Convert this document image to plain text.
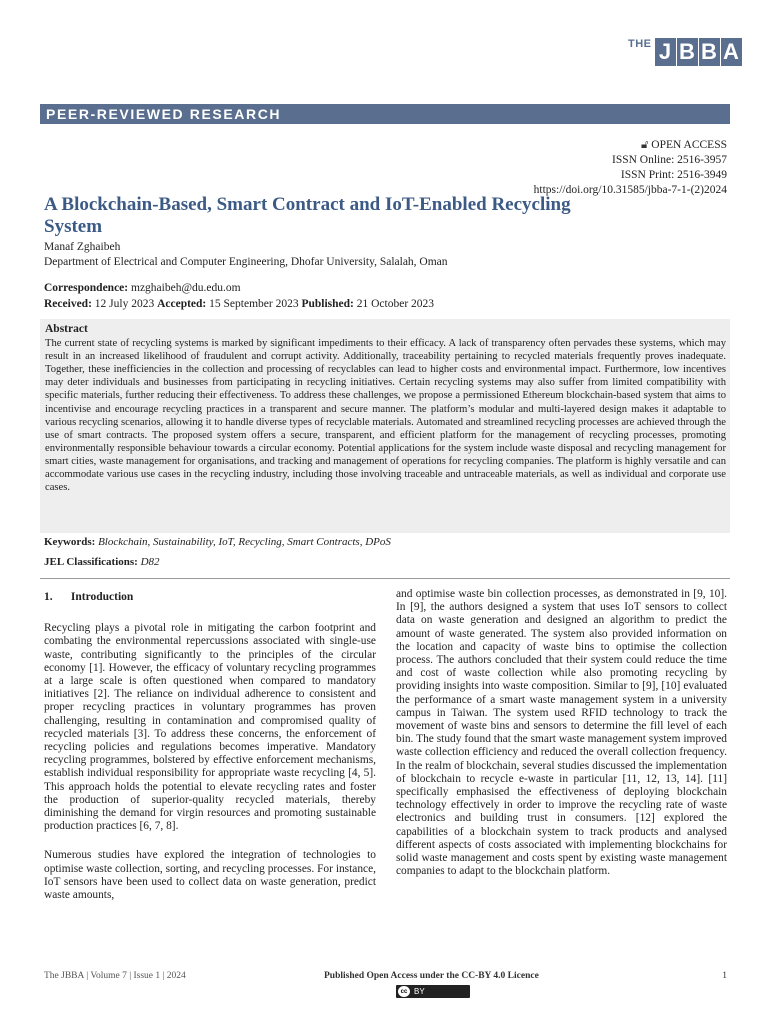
THE J B B A
PEER-REVIEWED RESEARCH
🔓︎ OPEN ACCESS
ISSN Online: 2516-3957
ISSN Print: 2516-3949
https://doi.org/10.31585/jbba-7-1-(2)2024
A Blockchain-Based, Smart Contract and IoT-Enabled Recycling System
Manaf Zghaibeh
Department of Electrical and Computer Engineering, Dhofar University, Salalah, Oman
Correspondence: mzghaibeh@du.edu.om
Received: 12 July 2023 Accepted: 15 September 2023 Published: 21 October 2023
Abstract
The current state of recycling systems is marked by significant impediments to their efficacy. A lack of transparency often pervades these systems, which may result in an increased likelihood of fraudulent and corrupt activity. Additionally, traceability pertaining to recycled materials frequently proves inadequate. Together, these inefficiencies in the collection and processing of recyclables can lead to higher costs and environmental impact. Furthermore, low incentives may deter individuals and businesses from participating in recycling initiatives. Certain recycling systems may also suffer from limited compatibility with specific materials, further reducing their effectiveness. To address these challenges, we propose a permissioned Ethereum blockchain-based system that aims to incentivise and encourage recycling practices in a transparent and secure manner. The platform’s modular and multi-layered design makes it adaptable to various recycling scenarios, allowing it to handle diverse types of recyclable materials. Automated and streamlined recycling processes are achieved through the use of smart contracts. The proposed system offers a secure, transparent, and efficient platform for the management of recycling processes, promoting environmentally responsible behaviour towards a circular economy. Potential applications for the system include waste disposal and recycling management for smart cities, waste management for organisations, and tracking and management of operations for recycling companies. The platform is highly versatile and can accommodate various use cases in the recycling industry, including those involving traceable and untraceable materials, as well as individual and corporate use cases.
Keywords: Blockchain, Sustainability, IoT, Recycling, Smart Contracts, DPoS
JEL Classifications: D82

1. Introduction

Recycling plays a pivotal role in mitigating the carbon footprint and combating the environmental repercussions associated with single-use waste, contributing significantly to the principles of the circular economy [1]. However, the efficacy of voluntary recycling programmes at a large scale is often questioned when compared to mandatory initiatives [2]. The reliance on individual adherence to consistent and proper recycling practices in voluntary programmes has proven challenging, resulting in contamination and compromised quality of recycled materials [3]. To address these concerns, the enforcement of recycling policies and regulations becomes imperative. Mandatory recycling programmes, bolstered by effective enforcement mechanisms, establish individual responsibility for appropriate waste recycling [4, 5]. This approach holds the potential to elevate recycling rates and foster the production of superior-quality recycled materials, thereby diminishing the demand for virgin resources and promoting sustainable production practices [6, 7, 8].

Numerous studies have explored the integration of technologies to optimise waste collection, sorting, and recycling processes. For instance, IoT sensors have been used to collect data on waste generation, predict waste amounts,

and optimise waste bin collection processes, as demonstrated in [9, 10]. In [9], the authors designed a system that uses IoT sensors to collect data on waste generation and designed an algorithm to predict the amount of waste generated. The system also provided information on the location and capacity of waste bins to optimise the collection process. The authors concluded that their system could reduce the time and cost of waste collection while also promoting recycling by providing insights into waste composition. Similar to [9], [10] evaluated the performance of a smart waste management system in a university campus in Taiwan. The system used RFID technology to track the movement of waste bins and sensors to determine the fill level of each bin. The study found that the smart waste management system improved waste collection efficiency and reduced the overall collection frequency. In the realm of blockchain, several studies discussed the implementation of blockchain to recycle e-waste in particular [11, 12, 13, 14]. [11] specifically emphasised the effectiveness of deploying blockchain technology effectively in order to improve the recycling rate of waste electronics and building trust in consumers. [12] explored the capabilities of a blockchain system to track products and analysed different aspects of costs associated with implementing blockchains for solid waste management and costs spent by existing waste management companies to adapt to the blockchain platform.

The JBBA | Volume 7 | Issue 1 | 2024	Published Open Access under the CC-BY 4.0 Licence	1
cc BY
